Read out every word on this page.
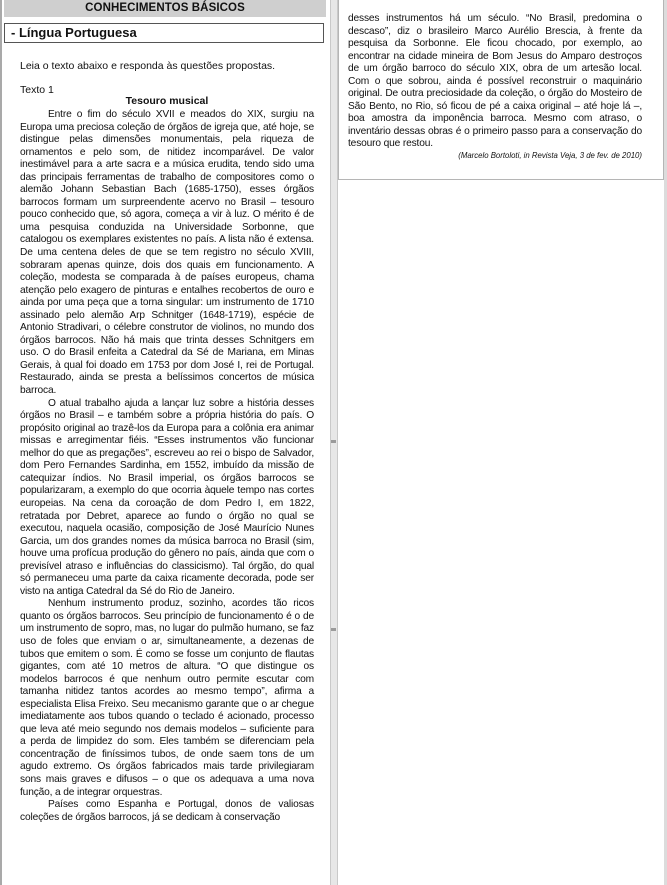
CONHECIMENTOS BÁSICOS
- Língua Portuguesa
Leia o texto abaixo e responda às questões propostas.
Texto 1
Tesouro musical

Entre o fim do século XVII e meados do XIX, surgiu na Europa uma preciosa coleção de órgãos de igreja que, até hoje, se distingue pelas dimensões monumentais, pela riqueza de ornamentos e pelo som, de nitidez incomparável. De valor inestimável para a arte sacra e a música erudita, tendo sido uma das principais ferramentas de trabalho de compositores como o alemão Johann Sebastian Bach (1685-1750), esses órgãos barrocos formam um surpreendente acervo no Brasil – tesouro pouco conhecido que, só agora, começa a vir à luz. O mérito é de uma pesquisa conduzida na Universidade Sorbonne, que catalogou os exemplares existentes no país. A lista não é extensa. De uma centena deles de que se tem registro no século XVIII, sobraram apenas quinze, dois dos quais em funcionamento. A coleção, modesta se comparada à de países europeus, chama atenção pelo exagero de pinturas e entalhes recobertos de ouro e ainda por uma peça que a torna singular: um instrumento de 1710 assinado pelo alemão Arp Schnitger (1648-1719), espécie de Antonio Stradivari, o célebre construtor de violinos, no mundo dos órgãos barrocos. Não há mais que trinta desses Schnitgers em uso. O do Brasil enfeita a Catedral da Sé de Mariana, em Minas Gerais, à qual foi doado em 1753 por dom José I, rei de Portugal. Restaurado, ainda se presta a belíssimos concertos de música barroca.

O atual trabalho ajuda a lançar luz sobre a história desses órgãos no Brasil – e também sobre a própria história do país. O propósito original ao trazê-los da Europa para a colônia era animar missas e arregimentar fiéis. “Esses instrumentos vão funcionar melhor do que as pregações”, escreveu ao rei o bispo de Salvador, dom Pero Fernandes Sardinha, em 1552, imbuído da missão de catequizar índios. No Brasil imperial, os órgãos barrocos se popularizaram, a exemplo do que ocorria àquele tempo nas cortes europeias. Na cena da coroação de dom Pedro I, em 1822, retratada por Debret, aparece ao fundo o órgão no qual se executou, naquela ocasião, composição de José Maurício Nunes Garcia, um dos grandes nomes da música barroca no Brasil (sim, houve uma profícua produção do gênero no país, ainda que com o previsível atraso e influências do classicismo). Tal órgão, do qual só permaneceu uma parte da caixa ricamente decorada, pode ser visto na antiga Catedral da Sé do Rio de Janeiro.

Nenhum instrumento produz, sozinho, acordes tão ricos quanto os órgãos barrocos. Seu princípio de funcionamento é o de um instrumento de sopro, mas, no lugar do pulmão humano, se faz uso de foles que enviam o ar, simultaneamente, a dezenas de tubos que emitem o som. É como se fosse um conjunto de flautas gigantes, com até 10 metros de altura. “O que distingue os modelos barrocos é que nenhum outro permite escutar com tamanha nitidez tantos acordes ao mesmo tempo”, afirma a especialista Elisa Freixo. Seu mecanismo garante que o ar chegue imediatamente aos tubos quando o teclado é acionado, processo que leva até meio segundo nos demais modelos – suficiente para a perda de limpidez do som. Eles também se diferenciam pela concentração de finíssimos tubos, de onde saem tons de um agudo extremo. Os órgãos fabricados mais tarde privilegiaram sons mais graves e difusos – o que os adequava a uma nova função, a de integrar orquestras.

Países como Espanha e Portugal, donos de valiosas coleções de órgãos barrocos, já se dedicam à conservação

desses instrumentos há um século. “No Brasil, predomina o descaso”, diz o brasileiro Marco Aurélio Brescia, à frente da pesquisa da Sorbonne. Ele ficou chocado, por exemplo, ao encontrar na cidade mineira de Bom Jesus do Amparo destroços de um órgão barroco do século XIX, obra de um artesão local. Com o que sobrou, ainda é possível reconstruir o maquinário original. De outra preciosidade da coleção, o órgão do Mosteiro de São Bento, no Rio, só ficou de pé a caixa original – até hoje lá –, boa amostra da imponência barroca. Mesmo com atraso, o inventário dessas obras é o primeiro passo para a conservação do tesouro que restou.

(Marcelo Bortoloti, in Revista Veja, 3 de fev. de 2010)
